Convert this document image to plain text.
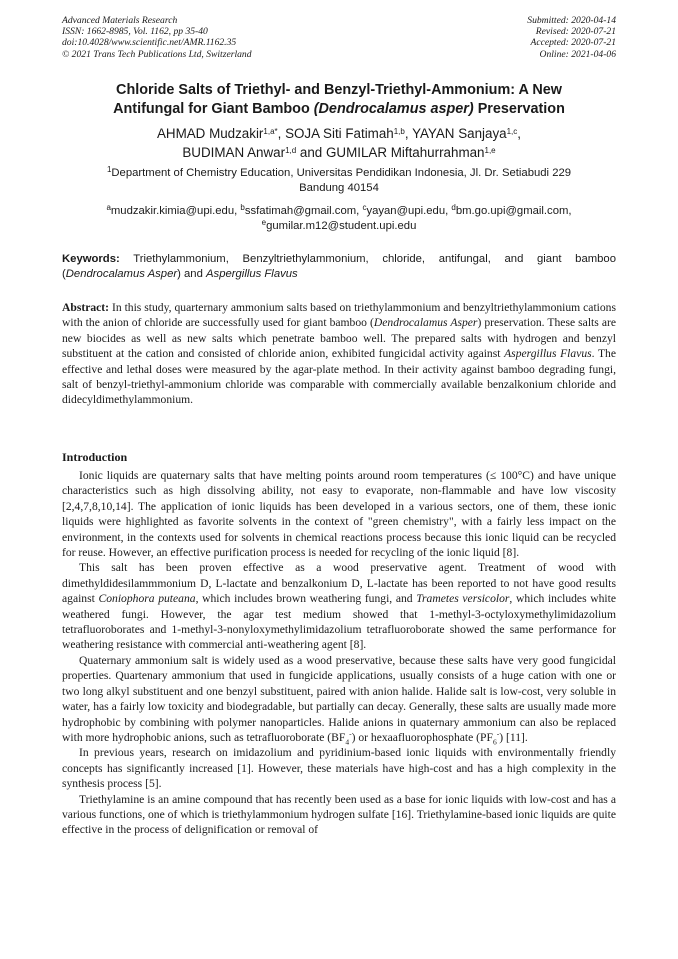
Advanced Materials Research
ISSN: 1662-8985, Vol. 1162, pp 35-40
doi:10.4028/www.scientific.net/AMR.1162.35
© 2021 Trans Tech Publications Ltd, Switzerland
Submitted: 2020-04-14
Revised: 2020-07-21
Accepted: 2020-07-21
Online: 2021-04-06
Chloride Salts of Triethyl- and Benzyl-Triethyl-Ammonium: A New
Antifungal for Giant Bamboo (Dendrocalamus asper) Preservation
AHMAD Mudzakir$^{1,a*}$, SOJA Siti Fatimah$^{1,b}$, YAYAN Sanjaya$^{1,c}$,
BUDIMAN Anwar$^{1,d}$ and GUMILAR Miftahurrahman$^{1,e}$
$^1$Department of Chemistry Education, Universitas Pendidikan Indonesia, Jl. Dr. Setiabudi 229
Bandung 40154
$^a$mudzakir.kimia@upi.edu, $^b$ssfatimah@gmail.com, $^c$yayan@upi.edu, $^d$bm.go.upi@gmail.com,
$^e$gumilar.m12@student.upi.edu
Keywords: Triethylammonium, Benzyltriethylammonium, chloride, antifungal, and giant bamboo (Dendrocalamus Asper) and Aspergillus Flavus
Abstract: In this study, quarternary ammonium salts based on triethylammonium and benzyltriethylammonium cations with the anion of chloride are successfully used for giant bamboo (Dendrocalamus Asper) preservation. These salts are new biocides as well as new salts which penetrate bamboo well. The prepared salts with hydrogen and benzyl substituent at the cation and consisted of chloride anion, exhibited fungicidal activity against Aspergillus Flavus. The effective and lethal doses were measured by the agar-plate method. In their activity against bamboo degrading fungi, salt of benzyl-triethyl-ammonium chloride was comparable with commercially available benzalkonium chloride and didecyldimethylammonium.
Introduction

Ionic liquids are quaternary salts that have melting points around room temperatures (≤ 100°C) and have unique characteristics such as high dissolving ability, not easy to evaporate, non-flammable and have low viscosity [2,4,7,8,10,14]. The application of ionic liquids has been developed in a various sectors, one of them, these ionic liquids were highlighted as favorite solvents in the context of "green chemistry", with a fairly less impact on the environment, in the contexts used for solvents in chemical reactions process because this ionic liquid can be recycled for reuse. However, an effective purification process is needed for recycling of the ionic liquid [8].

This salt has been proven effective as a wood preservative agent. Treatment of wood with dimethyldidesilammmonium D, L-lactate and benzalkonium D, L-lactate has been reported to not have good results against Coniophora puteana, which includes brown weathering fungi, and Trametes versicolor, which includes white weathered fungi. However, the agar test medium showed that 1-methyl-3-octyloxymethylimidazolium tetrafluoroborates and 1-methyl-3-nonyloxymethylimidazolium tetrafluoroborate showed the same performance for weathering resistance with commercial anti-weathering agent [8].

Quaternary ammonium salt is widely used as a wood preservative, because these salts have very good fungicidal properties. Quartenary ammonium that used in fungicide applications, usually consists of a huge cation with one or two long alkyl substituent and one benzyl substituent, paired with anion halide. Halide salt is low-cost, very soluble in water, has a fairly low toxicity and biodegradable, but partially can decay. Generally, these salts are usually made more hydrophobic by combining with polymer nanoparticles. Halide anions in quaternary ammonium can also be replaced with more hydrophobic anions, such as tetrafluoroborate $(BF_4^-)$ or hexaafluorophosphate $(PF_6^-)$ [11].

In previous years, research on imidazolium and pyridinium-based ionic liquids with environmentally friendly concepts has significantly increased [1]. However, these materials have high-cost and has a high complexity in the synthesis process [5].

Triethylamine is an amine compound that has recently been used as a base for ionic liquids with low-cost and has a various functions, one of which is triethylammonium hydrogen sulfate [16]. Triethylamine-based ionic liquids are quite effective in the process of delignification or removal of
